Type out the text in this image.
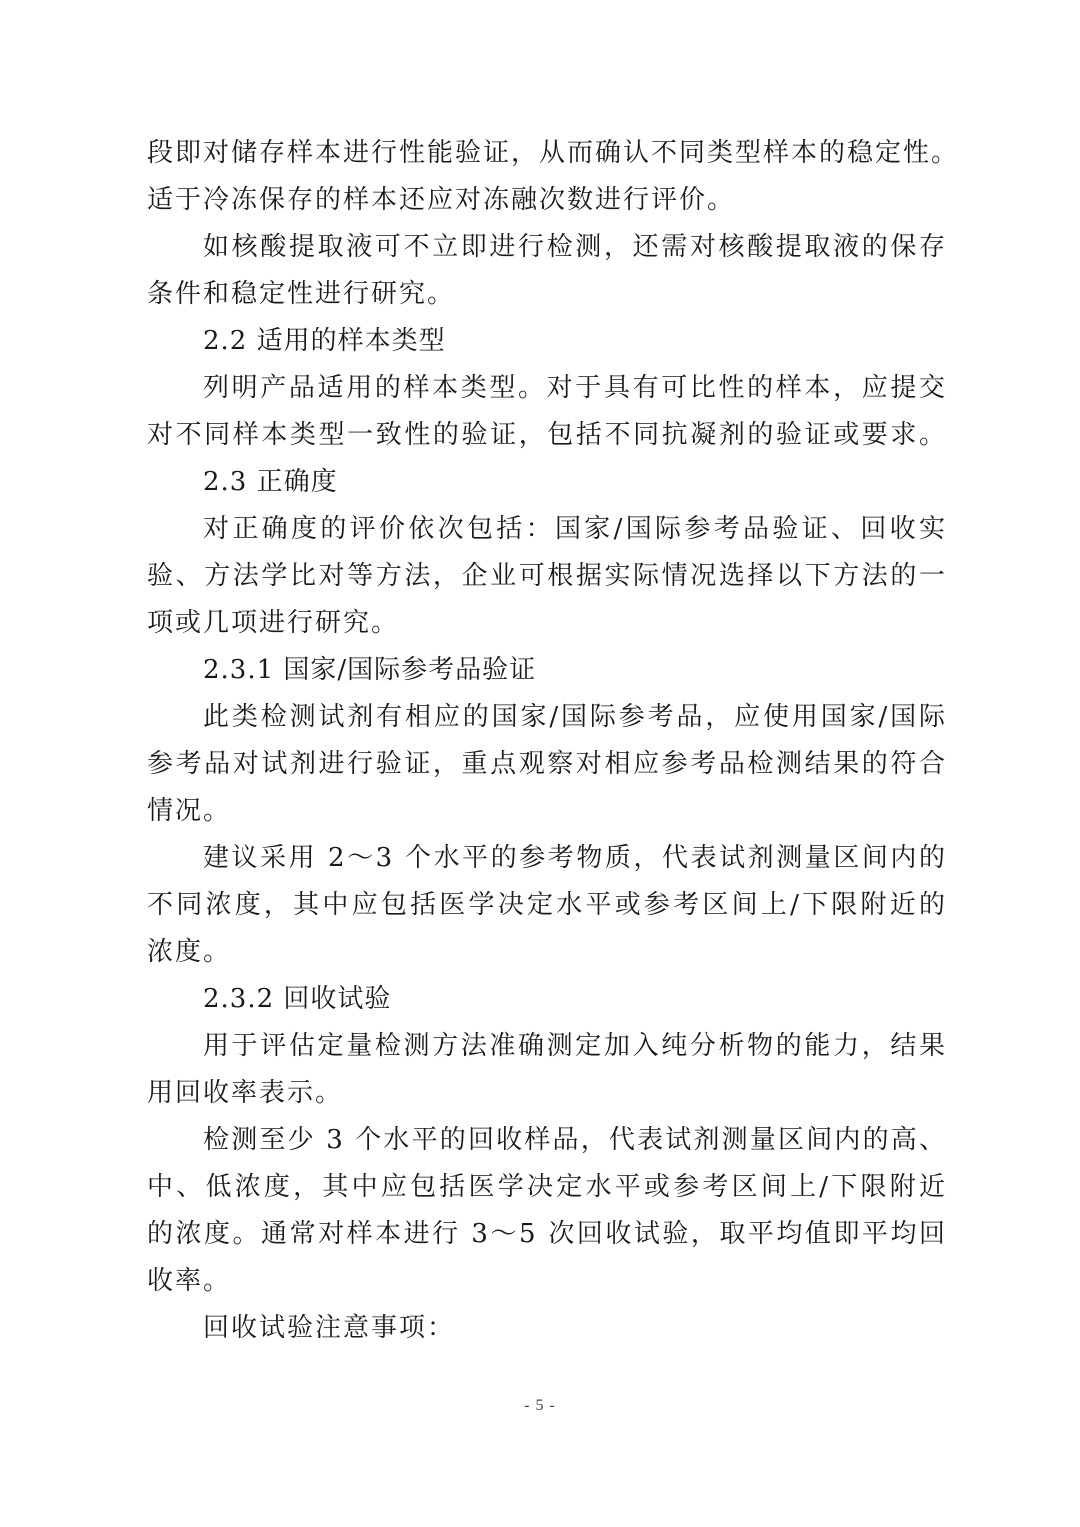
段即对储存样本进行性能验证，从而确认不同类型样本的稳定性。
适于冷冻保存的样本还应对冻融次数进行评价。
如核酸提取液可不立即进行检测，还需对核酸提取液的保存
条件和稳定性进行研究。
2.2 适用的样本类型
列明产品适用的样本类型。对于具有可比性的样本，应提交
对不同样本类型一致性的验证，包括不同抗凝剂的验证或要求。
2.3 正确度
对正确度的评价依次包括：国家/国际参考品验证、回收实
验、方法学比对等方法，企业可根据实际情况选择以下方法的一
项或几项进行研究。
2.3.1 国家/国际参考品验证
此类检测试剂有相应的国家/国际参考品，应使用国家/国际
参考品对试剂进行验证，重点观察对相应参考品检测结果的符合
情况。
建议采用 2～3 个水平的参考物质，代表试剂测量区间内的
不同浓度，其中应包括医学决定水平或参考区间上/下限附近的
浓度。
2.3.2 回收试验
用于评估定量检测方法准确测定加入纯分析物的能力，结果
用回收率表示。
检测至少 3 个水平的回收样品，代表试剂测量区间内的高、
中、低浓度，其中应包括医学决定水平或参考区间上/下限附近
的浓度。通常对样本进行 3～5 次回收试验，取平均值即平均回
收率。
回收试验注意事项：
- 5 -
